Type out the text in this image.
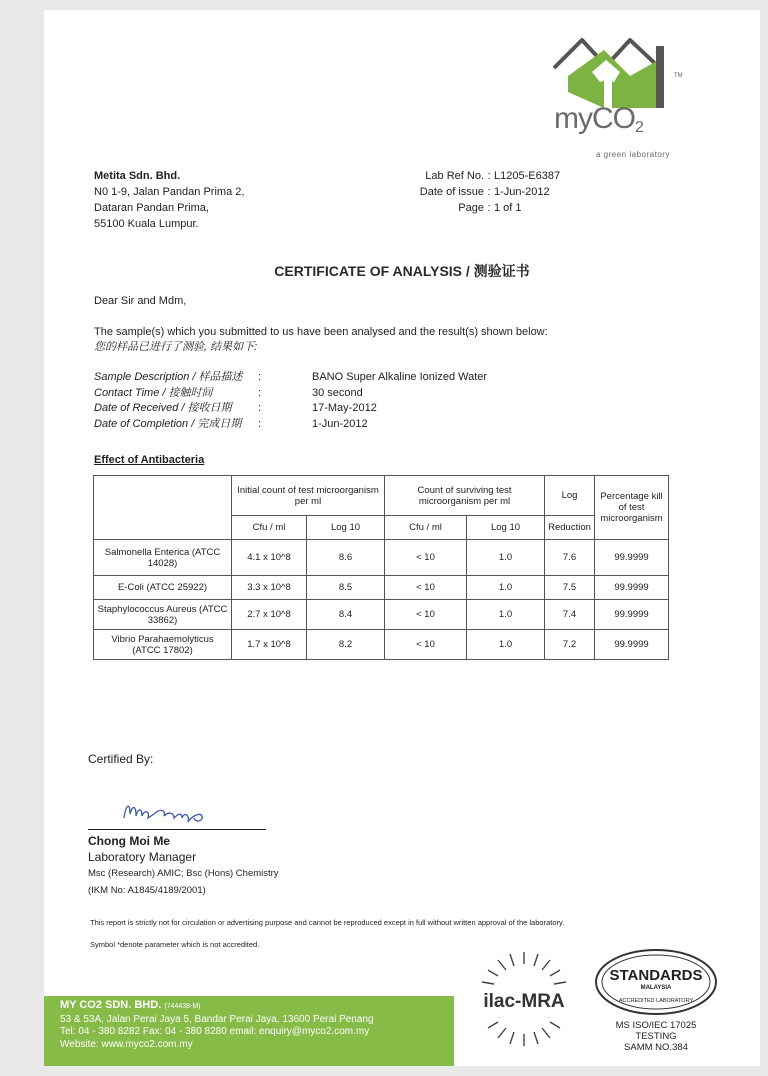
TM
myCO$_2$
a green laboratory
Metita Sdn. Bhd.
N0 1-9, Jalan Pandan Prima 2,
Dataran Pandan Prima,
55100 Kuala Lumpur.
Lab Ref No. : L1205-E6387
Date of issue : 1-Jun-2012
Page : 1 of 1
CERTIFICATE OF ANALYSIS / 测验证书
Dear Sir and Mdm,
The sample(s) which you submitted to us have been analysed and the result(s) shown below:
您的样品已进行了测验, 结果如下:
Sample Description / 样品描述	:	BANO Super Alkaline Ionized Water
Contact Time / 接触时间	:	30 second
Date of Received / 接收日期	:	17-May-2012
Date of Completion / 完成日期	:	1-Jun-2012
Effect of Antibacteria
	Initial count of test microorganism per ml		Count of surviving test microorganism per ml		Log	Percentage kill of test microorganism
	Cfu / ml	Log 10	Cfu / ml	Log 10	Reduction	
Salmonella Enterica (ATCC 14028)	4.1 x 10^8	8.6	< 10	1.0	7.6	99.9999
E-Coli (ATCC 25922)	3.3 x 10^8	8.5	< 10	1.0	7.5	99.9999
Staphylococcus Aureus (ATCC 33862)	2.7 x 10^8	8.4	< 10	1.0	7.4	99.9999
Vibrio Parahaemolyticus (ATCC 17802)	1.7 x 10^8	8.2	< 10	1.0	7.2	99.9999
Certified By:
Chong Moi Me
Laboratory Manager
Msc (Research) AMIC; Bsc (Hons) Chemistry
(IKM No: A1845/4189/2001)
This report is strictly not for circulation or advertising purpose and cannot be reproduced except in full without written approval of the laboratory. Symbol *denote parameter which is not accredited.
MY CO2 SDN. BHD. (744438-M)
53 & 53A, Jalan Perai Jaya 5, Bandar Perai Jaya, 13600 Perai Penang
Tel: 04 - 380 8282 Fax: 04 - 380 8280 email: enquiry@myco2.com.my
Website: www.myco2.com.my
ilac-MRA
STANDARDS
MALAYSIA
ACCREDITED LABORATORY
MS ISO/IEC 17025
TESTING
SAMM NO.384
